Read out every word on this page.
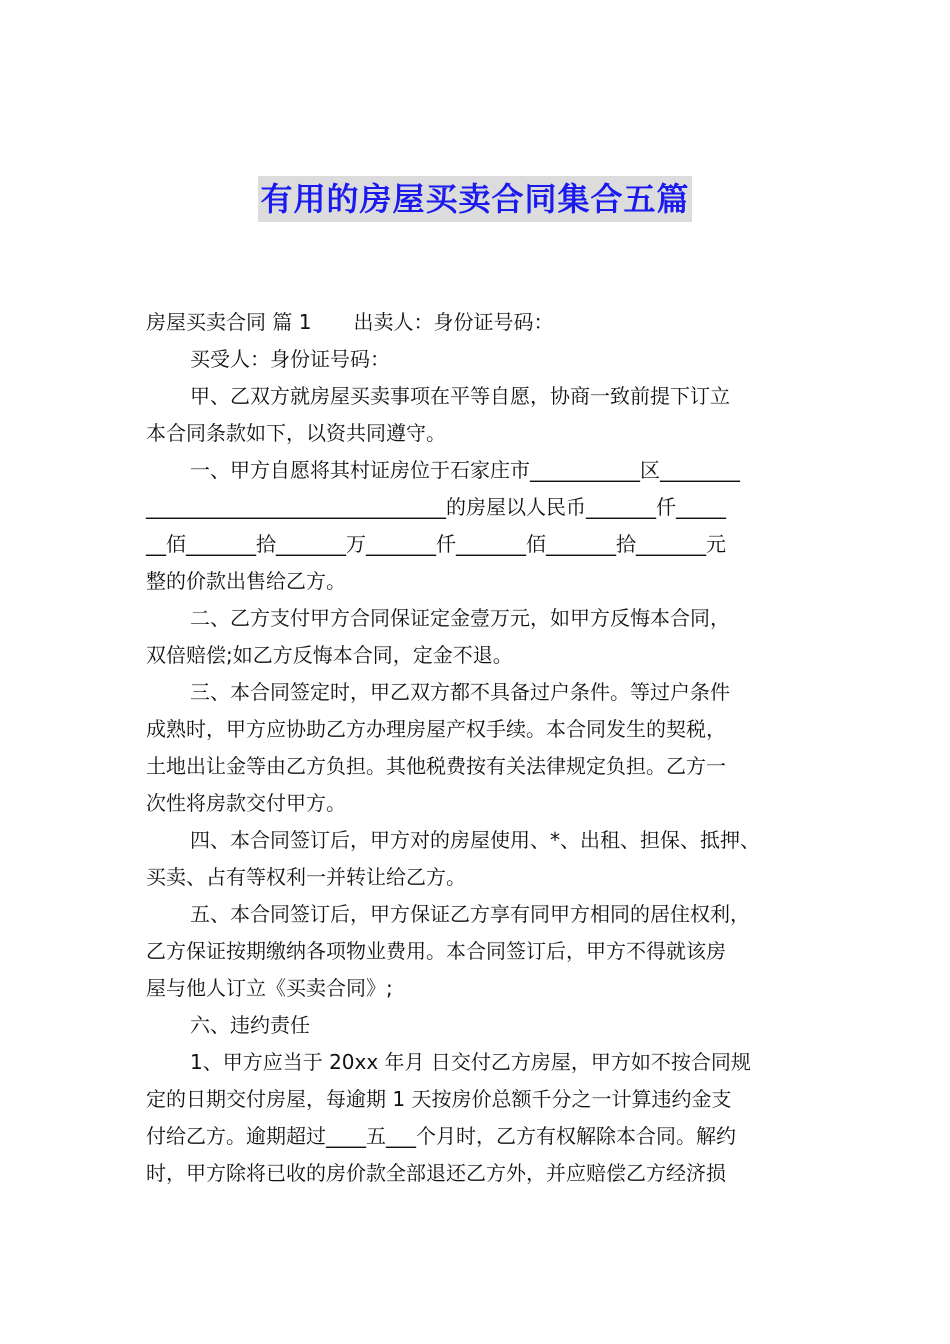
有用的房屋买卖合同集合五篇
房屋买卖合同 篇 1 出卖人：身份证号码：
买受人：身份证号码：
甲、乙双方就房屋买卖事项在平等自愿，协商一致前提下订立
本合同条款如下，以资共同遵守。
一、甲方自愿将其村证房位于石家庄市___________区________
______________________________的房屋以人民币_______仟_____
__佰_______拾_______万_______仟_______佰_______拾_______元
整的价款出售给乙方。
二、乙方支付甲方合同保证定金壹万元，如甲方反悔本合同，
双倍赔偿;如乙方反悔本合同，定金不退。
三、本合同签定时，甲乙双方都不具备过户条件。等过户条件
成熟时，甲方应协助乙方办理房屋产权手续。本合同发生的契税，
土地出让金等由乙方负担。其他税费按有关法律规定负担。乙方一
次性将房款交付甲方。
四、本合同签订后，甲方对的房屋使用、*、出租、担保、抵押、
买卖、占有等权利一并转让给乙方。
五、本合同签订后，甲方保证乙方享有同甲方相同的居住权利，
乙方保证按期缴纳各项物业费用。本合同签订后，甲方不得就该房
屋与他人订立《买卖合同》;
六、违约责任
1、甲方应当于 20xx 年月 日交付乙方房屋，甲方如不按合同规
定的日期交付房屋，每逾期 1 天按房价总额千分之一计算违约金支
付给乙方。逾期超过____五___个月时，乙方有权解除本合同。解约
时，甲方除将已收的房价款全部退还乙方外，并应赔偿乙方经济损
